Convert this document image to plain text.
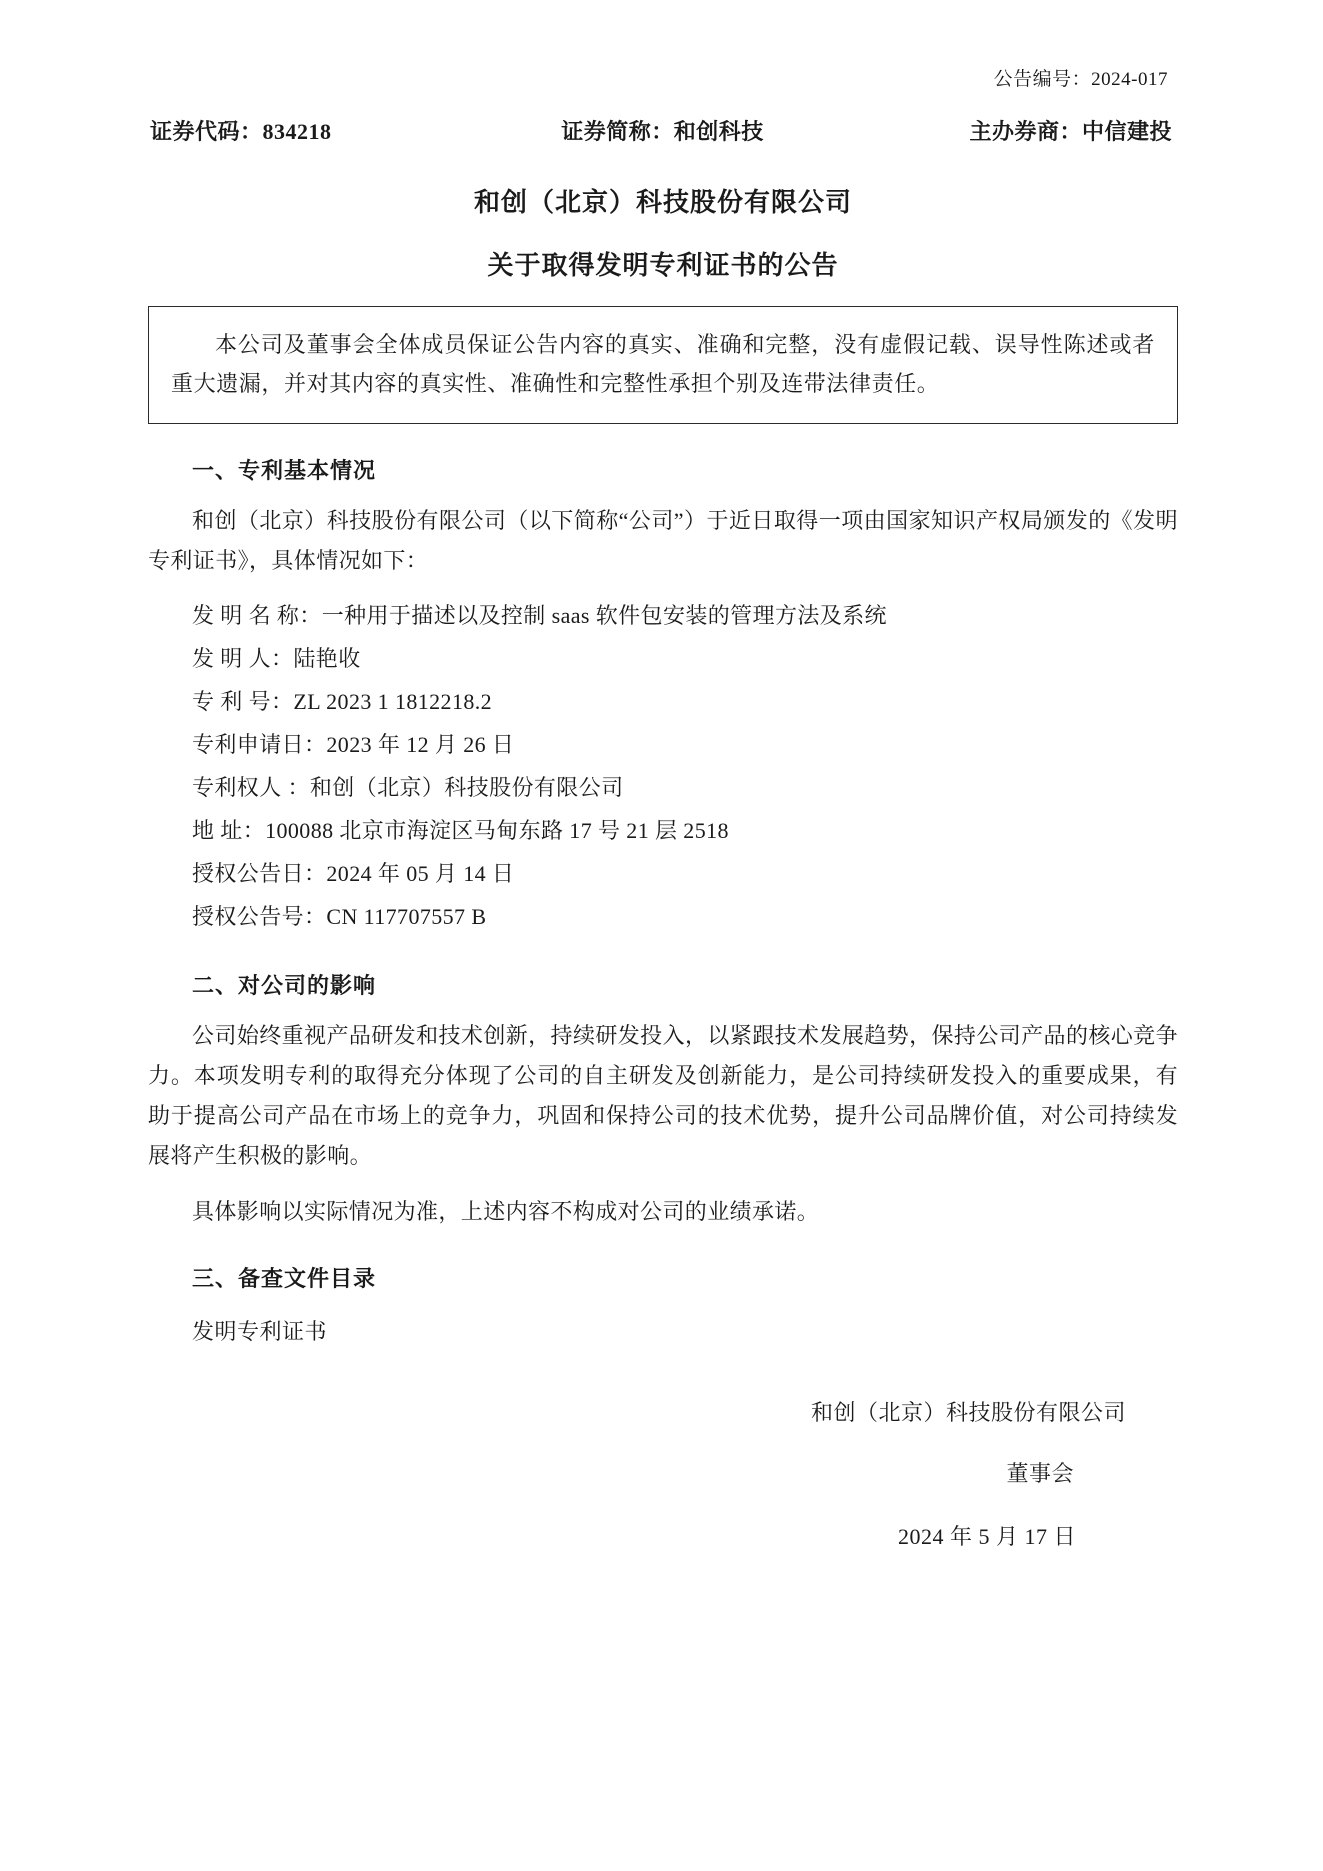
公告编号：2024-017
证券代码：834218	证券简称：和创科技	主办券商：中信建投
和创（北京）科技股份有限公司
关于取得发明专利证书的公告

本公司及董事会全体成员保证公告内容的真实、准确和完整，没有虚假记载、误导性陈述或者重大遗漏，并对其内容的真实性、准确性和完整性承担个别及连带法律责任。

一、专利基本情况
和创（北京）科技股份有限公司（以下简称“公司”）于近日取得一项由国家知识产权局颁发的《发明专利证书》，具体情况如下：
发 明 名 称：一种用于描述以及控制 saas 软件包安装的管理方法及系统
发 明 人：陆艳收
专 利 号：ZL 2023 1 1812218.2
专利申请日：2023 年 12 月 26 日
专利权人 ：和创（北京）科技股份有限公司
地 址：100088 北京市海淀区马甸东路 17 号 21 层 2518
授权公告日：2024 年 05 月 14 日
授权公告号：CN 117707557 B
二、对公司的影响
公司始终重视产品研发和技术创新，持续研发投入，以紧跟技术发展趋势，保持公司产品的核心竞争力。本项发明专利的取得充分体现了公司的自主研发及创新能力，是公司持续研发投入的重要成果，有助于提高公司产品在市场上的竞争力，巩固和保持公司的技术优势，提升公司品牌价值，对公司持续发展将产生积极的影响。
具体影响以实际情况为准，上述内容不构成对公司的业绩承诺。
三、备查文件目录
发明专利证书
和创（北京）科技股份有限公司
董事会
2024 年 5 月 17 日
